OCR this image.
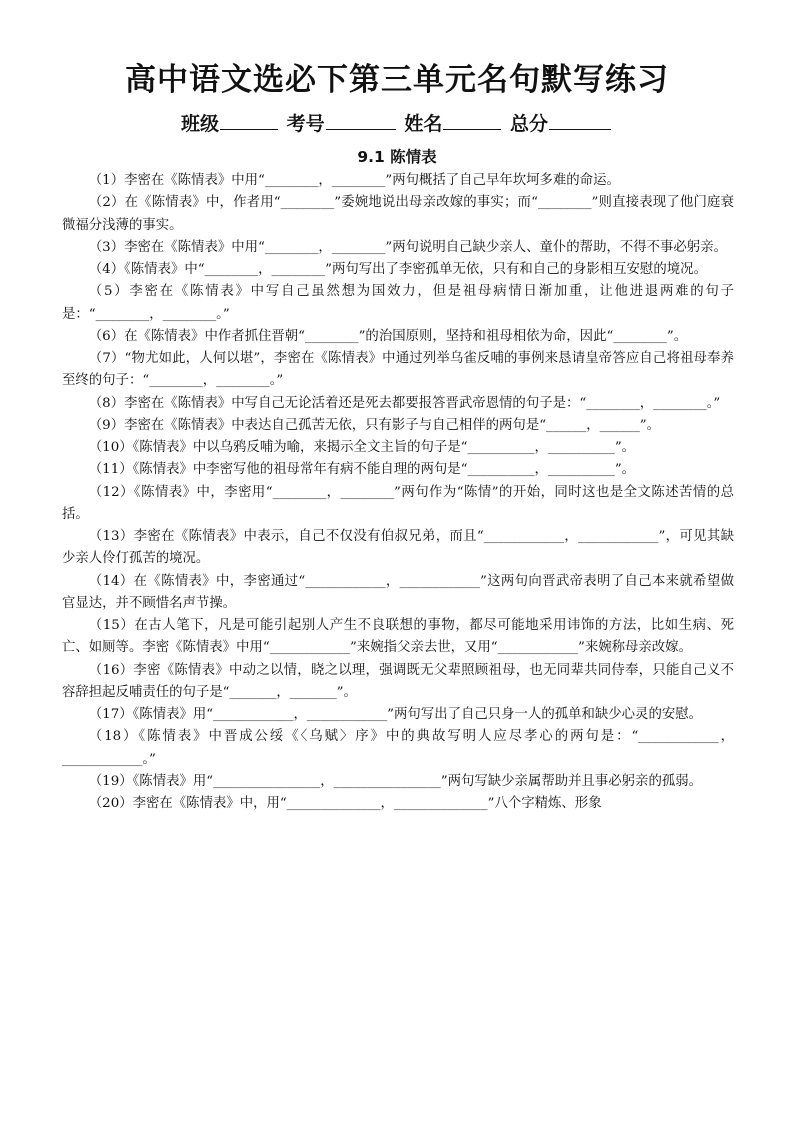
高中语文选必下第三单元名句默写练习
班级	考号	姓名	总分
9.1 陈情表

（1）李密在《陈情表》中用“________，________”两句概括了自己早年坎坷多难的命运。

（2）在《陈情表》中，作者用“________”委婉地说出母亲改嫁的事实；而“________”则直接表现了他门庭衰微福分浅薄的事实。

（3）李密在《陈情表》中用“________，________”两句说明自己缺少亲人、童仆的帮助，不得不事必躬亲。

（4）《陈情表》中“________，________”两句写出了李密孤单无依，只有和自己的身影相互安慰的境况。

（5）李密在《陈情表》中写自己虽然想为国效力，但是祖母病情日渐加重，让他进退两难的句子是：“________，________。”

（6）在《陈情表》中作者抓住晋朝“________”的治国原则，坚持和祖母相依为命，因此“________”。

（7）“物尤如此，人何以堪”，李密在《陈情表》中通过列举乌雀反哺的事例来恳请皇帝答应自己将祖母奉养至终的句子：“________，________。”

（8）李密在《陈情表》中写自己无论活着还是死去都要报答晋武帝恩情的句子是：“________，________。”

（9）李密在《陈情表》中表达自己孤苦无依，只有影子与自己相伴的两句是“______，______”。

（10）《陈情表》中以乌鸦反哺为喻，来揭示全文主旨的句子是“__________，__________”。

（11）《陈情表》中李密写他的祖母常年有病不能自理的两句是“__________，__________”。

（12）《陈情表》中，李密用“________，________”两句作为“陈情”的开始，同时这也是全文陈述苦情的总括。

（13）李密在《陈情表》中表示，自己不仅没有伯叔兄弟，而且“____________，____________”，可见其缺少亲人伶仃孤苦的境况。

（14）在《陈情表》中，李密通过“____________，____________”这两句向晋武帝表明了自己本来就希望做官显达，并不顾惜名声节操。

（15）在古人笔下，凡是可能引起别人产生不良联想的事物，都尽可能地采用讳饰的方法，比如生病、死亡、如厕等。李密《陈情表》中用“____________”来婉指父亲去世，又用“____________”来婉称母亲改嫁。

（16）李密《陈情表》中动之以情，晓之以理，强调既无父辈照顾祖母，也无同辈共同侍奉，只能自己义不容辞担起反哺责任的句子是“_______，_______”。

（17）《陈情表》用“____________，____________”两句写出了自己只身一人的孤单和缺少心灵的安慰。

（18）《陈情表》中晋成公绥《〈乌赋〉序》中的典故写明人应尽孝心的两句是：“____________，____________。”

（19）《陈情表》用“________________，________________”两句写缺少亲属帮助并且事必躬亲的孤弱。

（20）李密在《陈情表》中，用“______________，______________”八个字精炼、形象
